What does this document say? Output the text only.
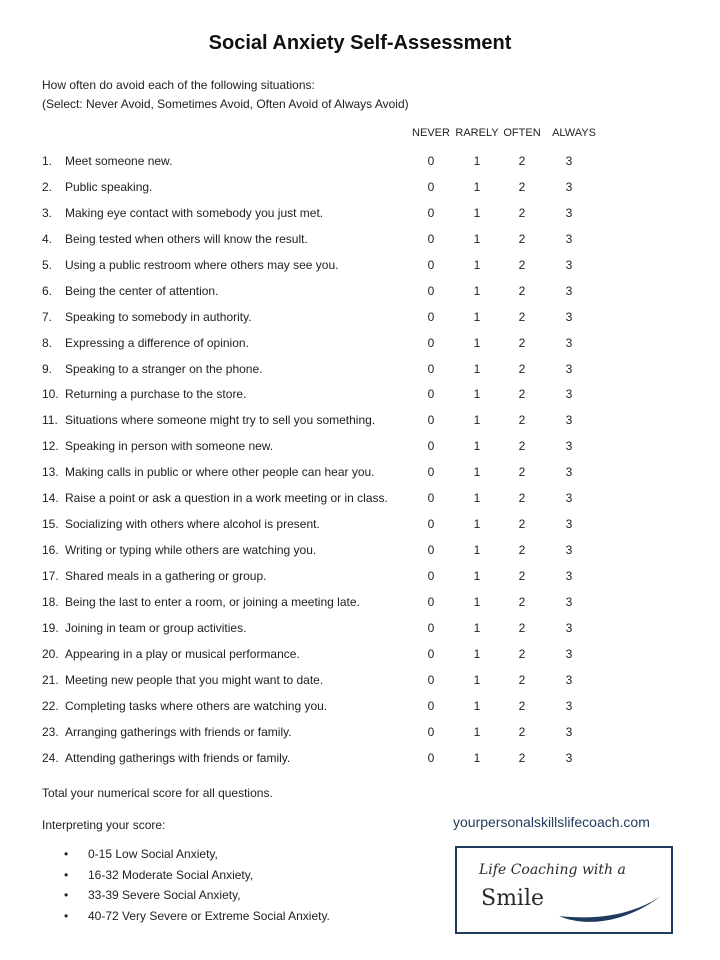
Social Anxiety Self-Assessment
How often do avoid each of the following situations:
(Select: Never Avoid, Sometimes Avoid, Often Avoid of Always Avoid)
NEVER RARELY OFTEN	ALWAYS
1. Meet someone new.	0	1	2	3
2. Public speaking.	0	1	2	3
3. Making eye contact with somebody you just met.	0	1	2	3
4. Being tested when others will know the result.	0	1	2	3
5. Using a public restroom where others may see you.	0	1	2	3
6. Being the center of attention.	0	1	2	3
7. Speaking to somebody in authority.	0	1	2	3
8. Expressing a difference of opinion.	0	1	2	3
9. Speaking to a stranger on the phone.	0	1	2	3
10. Returning a purchase to the store.	0	1	2	3
11. Situations where someone might try to sell you something.	0	1	2	3
12. Speaking in person with someone new.	0	1	2	3
13. Making calls in public or where other people can hear you.	0	1	2	3
14. Raise a point or ask a question in a work meeting or in class.	0	1	2	3
15. Socializing with others where alcohol is present.	0	1	2	3
16. Writing or typing while others are watching you.	0	1	2	3
17. Shared meals in a gathering or group.	0	1	2	3
18. Being the last to enter a room, or joining a meeting late.	0	1	2	3
19. Joining in team or group activities.	0	1	2	3
20. Appearing in a play or musical performance.	0	1	2	3
21. Meeting new people that you might want to date.	0	1	2	3
22. Completing tasks where others are watching you.	0	1	2	3
23. Arranging gatherings with friends or family.	0	1	2	3
24. Attending gatherings with friends or family.	0	1	2	3
Total your numerical score for all questions.
Interpreting your score:
• 0-15 Low Social Anxiety,
• 16-32 Moderate Social Anxiety,
• 33-39 Severe Social Anxiety,
• 40-72 Very Severe or Extreme Social Anxiety.
yourpersonalskillslifecoach.com
Life Coaching with a
Smile
